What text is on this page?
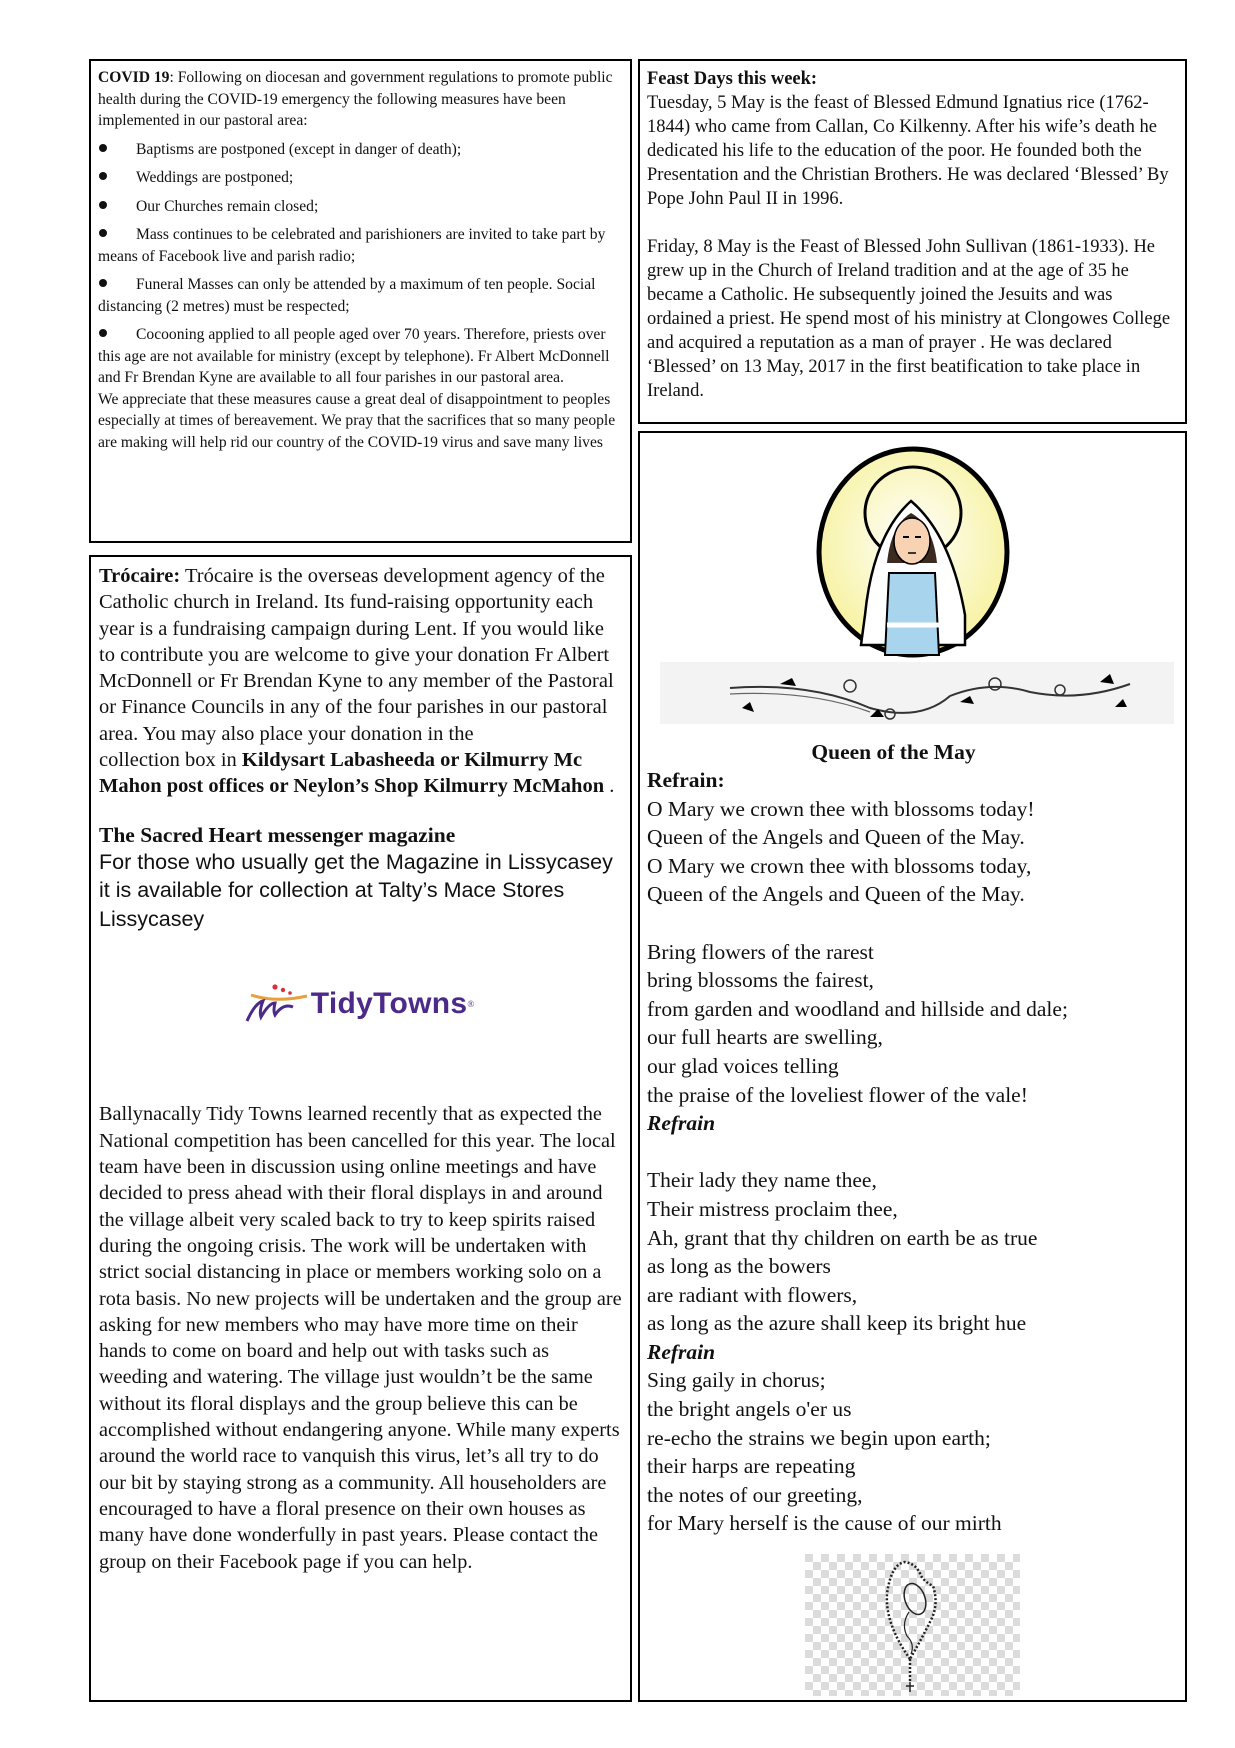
COVID 19: Following on diocesan and government regulations to promote public health during the COVID-19 emergency the following measures have been implemented in our pastoral area:

Baptisms are postponed (except in danger of death);

Weddings are postponed;

Our Churches remain closed;

Mass continues to be celebrated and parishioners are invited to take part by means of Facebook live and parish radio;

Funeral Masses can only be attended by a maximum of ten people. Social distancing (2 metres) must be respected;

Cocooning applied to all people aged over 70 years. Therefore, priests over this age are not available for ministry (except by telephone). Fr Albert McDonnell and Fr Brendan Kyne are available to all four parishes in our pastoral area.

We appreciate that these measures cause a great deal of disappointment to peoples especially at times of bereavement. We pray that the sacrifices that so many people are making will help rid our country of the COVID-19 virus and save many lives

Feast Days this week:

Tuesday, 5 May is the feast of Blessed Edmund Ignatius rice (1762-1844) who came from Callan, Co Kilkenny. After his wife’s death he dedicated his life to the education of the poor. He founded both the Presentation and the Christian Brothers. He was declared ‘Blessed’ By Pope John Paul II in 1996.

Friday, 8 May is the Feast of Blessed John Sullivan (1861-1933). He grew up in the Church of Ireland tradition and at the age of 35 he became a Catholic. He subsequently joined the Jesuits and was ordained a priest. He spend most of his ministry at Clongowes College and acquired a reputation as a man of prayer . He was declared ‘Blessed’ on 13 May, 2017 in the first beatification to take place in Ireland.

Trócaire: Trócaire is the overseas development agency of the Catholic church in Ireland. Its fund-raising opportunity each year is a fundraising campaign during Lent. If you would like to contribute you are welcome to give your donation Fr Albert McDonnell or Fr Brendan Kyne to any member of the Pastoral or Finance Councils in any of the four parishes in our pastoral area. You may also place your donation in the

collection box in Kildysart Labasheeda or Kilmurry Mc Mahon post offices or Neylon’s Shop Kilmurry McMahon .

The Sacred Heart messenger magazine

For those who usually get the Magazine in Lissycasey it is available for collection at Talty’s Mace Stores Lissycasey

TidyTowns ®

Ballynacally Tidy Towns learned recently that as expected the National competition has been cancelled for this year. The local team have been in discussion using online meetings and have decided to press ahead with their floral displays in and around the village albeit very scaled back to try to keep spirits raised during the ongoing crisis. The work will be undertaken with strict social distancing in place or members working solo on a rota basis. No new projects will be undertaken and the group are asking for new members who may have more time on their hands to come on board and help out with tasks such as weeding and watering. The village just wouldn’t be the same without its floral displays and the group believe this can be accomplished without endangering anyone. While many experts around the world race to vanquish this virus, let’s all try to do our bit by staying strong as a community. All householders are encouraged to have a floral presence on their own houses as many have done wonderfully in past years. Please contact the group on their Facebook page if you can help.

Queen of the May

Refrain:

O Mary we crown thee with blossoms today!

Queen of the Angels and Queen of the May.

O Mary we crown thee with blossoms today,

Queen of the Angels and Queen of the May.

Bring flowers of the rarest

bring blossoms the fairest,

from garden and woodland and hillside and dale;

our full hearts are swelling,

our glad voices telling

the praise of the loveliest flower of the vale!

Refrain

Their lady they name thee,

Their mistress proclaim thee,

Ah, grant that thy children on earth be as true

as long as the bowers

are radiant with flowers,

as long as the azure shall keep its bright hue

Refrain

Sing gaily in chorus;

the bright angels o'er us

re-echo the strains we begin upon earth;

their harps are repeating

the notes of our greeting,

for Mary herself is the cause of our mirth
